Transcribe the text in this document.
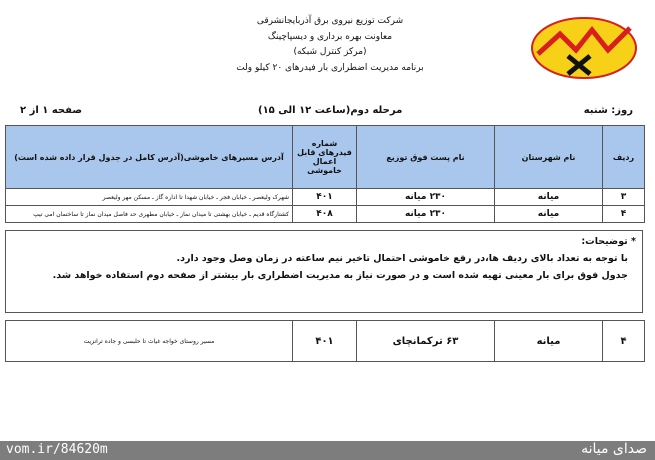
شرکت توزیع نیروی برق آذربایجانشرقی
معاونت بهره برداری و دیسپاچینگ
(مرکز کنترل شبکه)
برنامه مدیریت اضطراری بار فیدرهای ۲۰ کیلو ولت
روز: شنبه
مرحله دوم(ساعت ۱۲ الی ۱۵)
صفحه ۱ از ۲
ردیف	نام شهرستان	نام پست فوق توزیع	شماره فیدرهای قابل اعمال خاموشی	آدرس مسیرهای خاموشی(آدرس کامل در جدول قرار داده شده است)
۳	میانه	۲۳۰ میانه	۴۰۱	شهرک ولیعصر ـ خیابان فجر ـ خیابان شهدا تا اداره گاز ـ مسکن مهر ولیعصر
۴	میانه	۲۳۰ میانه	۴۰۸	کشتارگاه قدیم ـ خیابان بهشتی تا میدان نماز ـ خیابان مطهری حد فاصل میدان نماز تا ساختمان امی تیپ
* توضیحات:

با توجه به تعداد بالای ردیف ها،در رفع خاموشی احتمال تاخیر نیم ساعته در زمان وصل وجود دارد.

جدول فوق برای بار معینی تهیه شده است و در صورت نیاز به مدیریت اضطراری بار بیشتر از صفحه دوم استفاده خواهد شد.

۴	میانه	۶۳ ترکمانچای	۴۰۱	مسیر روستای خواجه غیاث تا حلبسی و جاده ترانزیت
vom.ir/84620m	صدای میانه
